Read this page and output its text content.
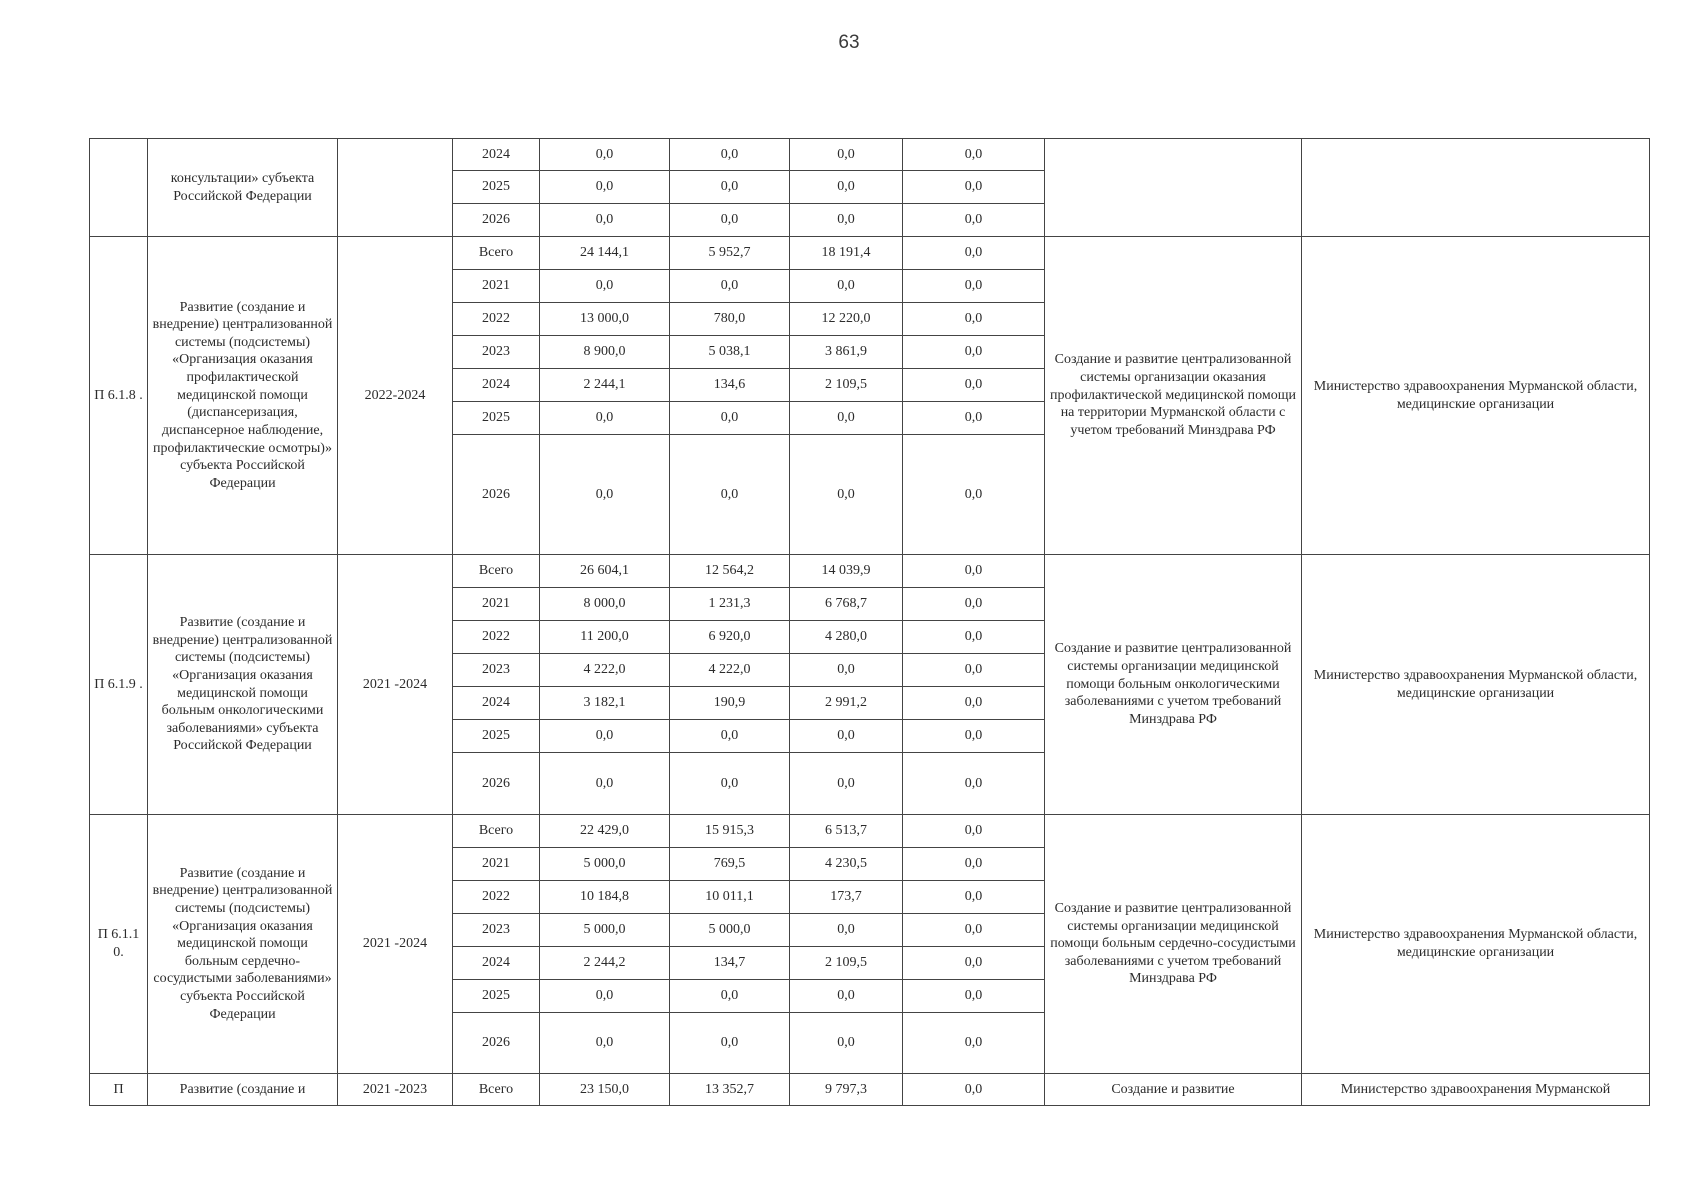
63
	консультации» субъекта Российской Федерации		2024	0,0	0,0	0,0	0,0		
			2025	0,0	0,0	0,0	0,0		
			2026	0,0	0,0	0,0	0,0		
П 6.1.8 .	Развитие (создание и внедрение) централизованной системы (подсистемы) «Организация оказания профилактической медицинской помощи (диспансеризация, диспансерное наблюдение, профилактические осмотры)» субъекта Российской Федерации	2022-2024	Всего	24 144,1	5 952,7	18 191,4	0,0	Создание и развитие централизованной системы организации оказания профилактической медицинской помощи на территории Мурманской области с учетом требований Минздрава РФ	Министерство здравоохранения Мурманской области, медицинские организации
			2021	0,0	0,0	0,0	0,0		
			2022	13 000,0	780,0	12 220,0	0,0		
			2023	8 900,0	5 038,1	3 861,9	0,0		
			2024	2 244,1	134,6	2 109,5	0,0		
			2025	0,0	0,0	0,0	0,0		
			2026	0,0	0,0	0,0	0,0		
П 6.1.9 .	Развитие (создание и внедрение) централизованной системы (подсистемы) «Организация оказания медицинской помощи больным онкологическими заболеваниями» субъекта Российской Федерации	2021 -2024	Всего	26 604,1	12 564,2	14 039,9	0,0	Создание и развитие централизованной системы организации медицинской помощи больным онкологическими заболеваниями с учетом требований Минздрава РФ	Министерство здравоохранения Мурманской области, медицинские организации
			2021	8 000,0	1 231,3	6 768,7	0,0		
			2022	11 200,0	6 920,0	4 280,0	0,0		
			2023	4 222,0	4 222,0	0,0	0,0		
			2024	3 182,1	190,9	2 991,2	0,0		
			2025	0,0	0,0	0,0	0,0		
			2026	0,0	0,0	0,0	0,0		
П 6.1.1 0.	Развитие (создание и внедрение) централизованной системы (подсистемы) «Организация оказания медицинской помощи больным сердечно-сосудистыми заболеваниями» субъекта Российской Федерации	2021 -2024	Всего	22 429,0	15 915,3	6 513,7	0,0	Создание и развитие централизованной системы организации медицинской помощи больным сердечно-сосудистыми заболеваниями с учетом требований Минздрава РФ	Министерство здравоохранения Мурманской области, медицинские организации
			2021	5 000,0	769,5	4 230,5	0,0		
			2022	10 184,8	10 011,1	173,7	0,0		
			2023	5 000,0	5 000,0	0,0	0,0		
			2024	2 244,2	134,7	2 109,5	0,0		
			2025	0,0	0,0	0,0	0,0		
			2026	0,0	0,0	0,0	0,0		
П	Развитие (создание и	2021 -2023	Всего	23 150,0	13 352,7	9 797,3	0,0	Создание и развитие	Министерство здравоохранения Мурманской
